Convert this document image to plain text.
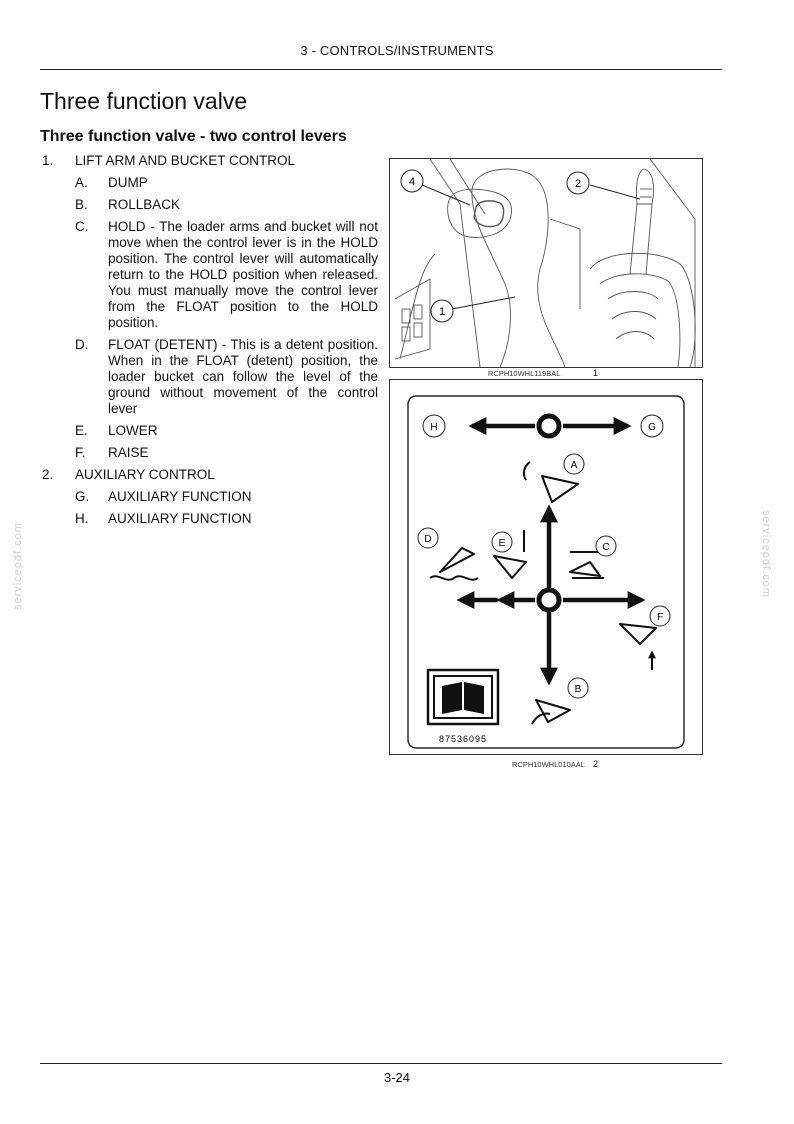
3 - CONTROLS/INSTRUMENTS
Three function valve
Three function valve - two control levers
1. LIFT ARM AND BUCKET CONTROL
A. DUMP
B. ROLLBACK
C. HOLD - The loader arms and bucket will not move when the control lever is in the HOLD position. The control lever will automatically return to the HOLD position when released. You must manually move the control lever from the FLOAT position to the HOLD position.
D. FLOAT (DETENT) - This is a detent position. When in the FLOAT (detent) position, the loader bucket can follow the level of the ground without movement of the control lever
E. LOWER
F. RAISE
2. AUXILIARY CONTROL
G. AUXILIARY FUNCTION
H. AUXILIARY FUNCTION
4	2
1
RCPH10WHL119BAL	1
H	G
A
B
C
D	E
F
87536095
RCPH10WHL010AAL 2
servicepdf.com	servicepdf.com
3-24
